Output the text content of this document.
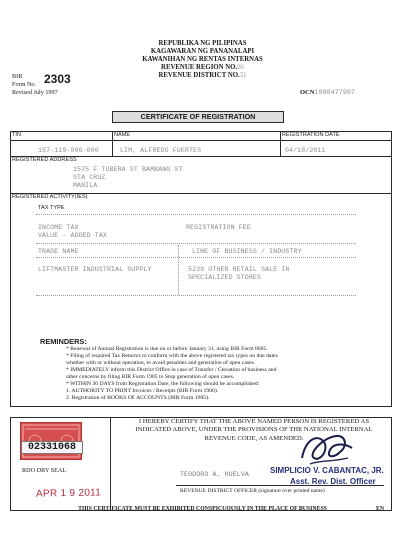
REPUBLIKA NG PILIPINAS
KAGAWARAN NG PANANALAPI
KAWANIHAN NG RENTAS INTERNAS
REVENUE REGION NO.06
REVENUE DISTRICT NO.31
BIR
Form No. 2303
Revised July 1997	OCN1000477907
CERTIFICATE OF REGISTRATION
TIN	NAME	REGISTRATION DATE
157-119-006-000	LIM, ALFREDO FUERTES	04/18/2011
REGISTERED ADDRESS
1575 F TUBERA ST BAMBANG ST
STA CRUZ
MANILA
REGISTERED ACTIVITY(IES)
TAX TYPE
INCOME TAX
VALUE - ADDED TAX
REGISTRATION FEE
TRADE NAME	LINE OF BUSINESS / INDUSTRY
LIFTMASTER INDUSTRIAL SUPPLY	5239 OTHER RETAIL SALE IN
SPECIALIZED STORES
REMINDERS:
* Renewal of Annual Registration is due on or before January 31, using BIR Form 0605.
* Filing of required Tax Return/s to conform with the above registered tax types on due dates
whether with or without operation, to avoid penalties and generation of open cases.
* IMMEDIATELY inform this District Office in case of Transfer / Cessation of business and
other concerns by filing BIR Form 1905 to Stop generation of open cases.
* WITHIN 30 DAYS from Registration Date, the following should be accomplished:
1. AUTHORITY TO PRINT Invoices / Receipts (BIR Form 1906).
2. Registration of BOOKS OF ACCOUNTS (BIR Form 1905).
02331068
RDO DRY SEAL
APR 1 9 2011
I HEREBY CERTIFY THAT THE ABOVE NAMED PERSON IS REGISTERED AS
INDICATED ABOVE, UNDER THE PROVISIONS OF THE NATIONAL INTERNAL
REVENUE CODE, AS AMENDED.
TEODORO A. HUELVA	SIMPLICIO V. CABANTAC, JR.
Asst. Rev. Dist. Officer
REVENUE DISTRICT OFFICER (signature over printed name)
THIS CERTIFICATE MUST BE EXHIBITED CONSPICUOUSLY IN THE PLACE OF BUSINESS	EN
